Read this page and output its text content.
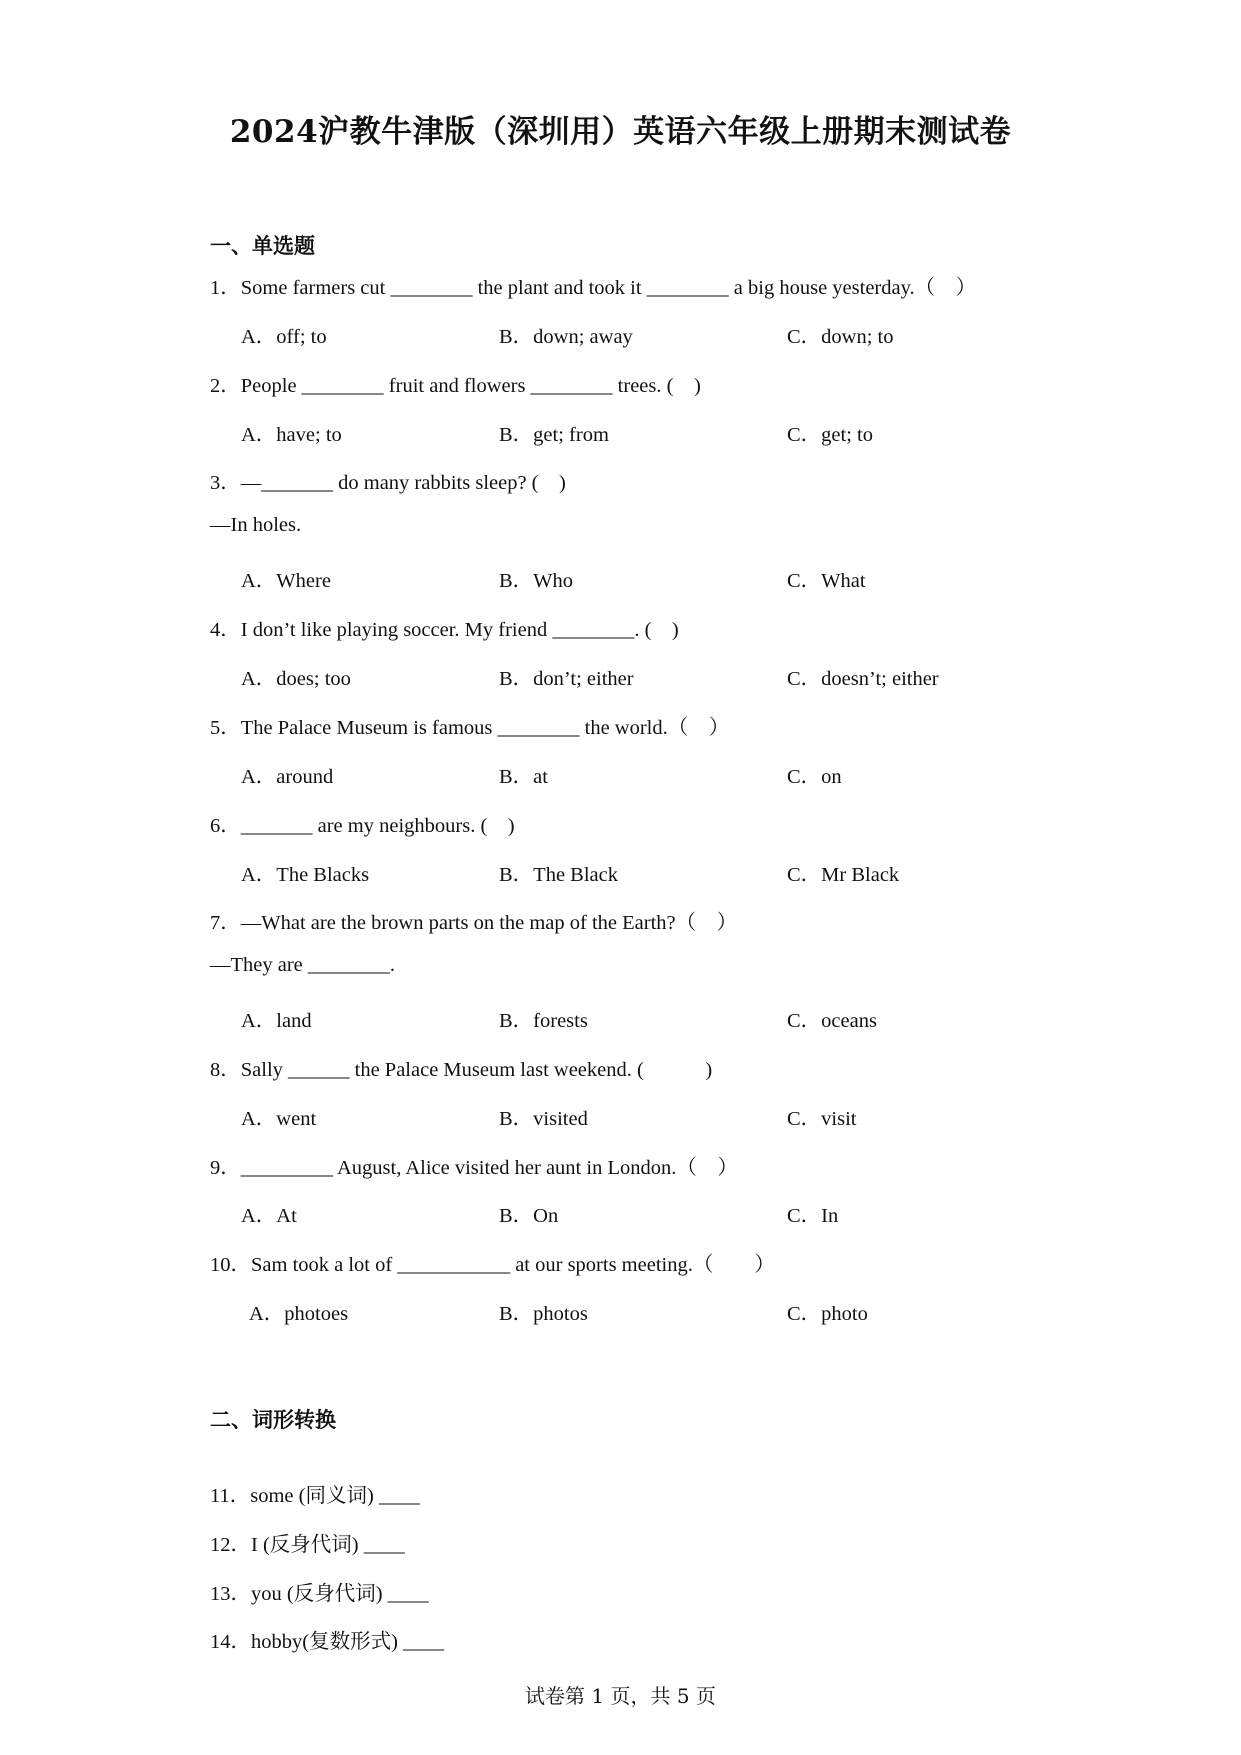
2024沪教牛津版（深圳用）英语六年级上册期末测试卷
一、单选题
1．Some farmers cut ________ the plant and took it ________ a big house yesterday.（　）
A．off; to	B．down; away	C．down; to
2．People ________ fruit and flowers ________ trees. (　)
A．have; to	B．get; from	C．get; to
3．—_______ do many rabbits sleep? (　)
—In holes.
A．Where	B．Who	C．What
4．I don’t like playing soccer. My friend ________. (　)
A．does; too	B．don’t; either	C．doesn’t; either
5．The Palace Museum is famous ________ the world.（　）
A．around	B．at	C．on
6．_______ are my neighbours. (　)
A．The Blacks	B．The Black	C．Mr Black
7．—What are the brown parts on the map of the Earth?（　）
—They are ________.
A．land	B．forests	C．oceans
8．Sally ______ the Palace Museum last weekend. (　　　)
A．went	B．visited	C．visit
9．_________ August, Alice visited her aunt in London.（　）
A．At	B．On	C．In
10．Sam took a lot of ___________ at our sports meeting.（　　）
A．photoes	B．photos	C．photo
二、词形转换
11．some (同义词) ____
12．I (反身代词) ____
13．you (反身代词) ____
14．hobby(复数形式) ____
试卷第 1 页，共 5 页
